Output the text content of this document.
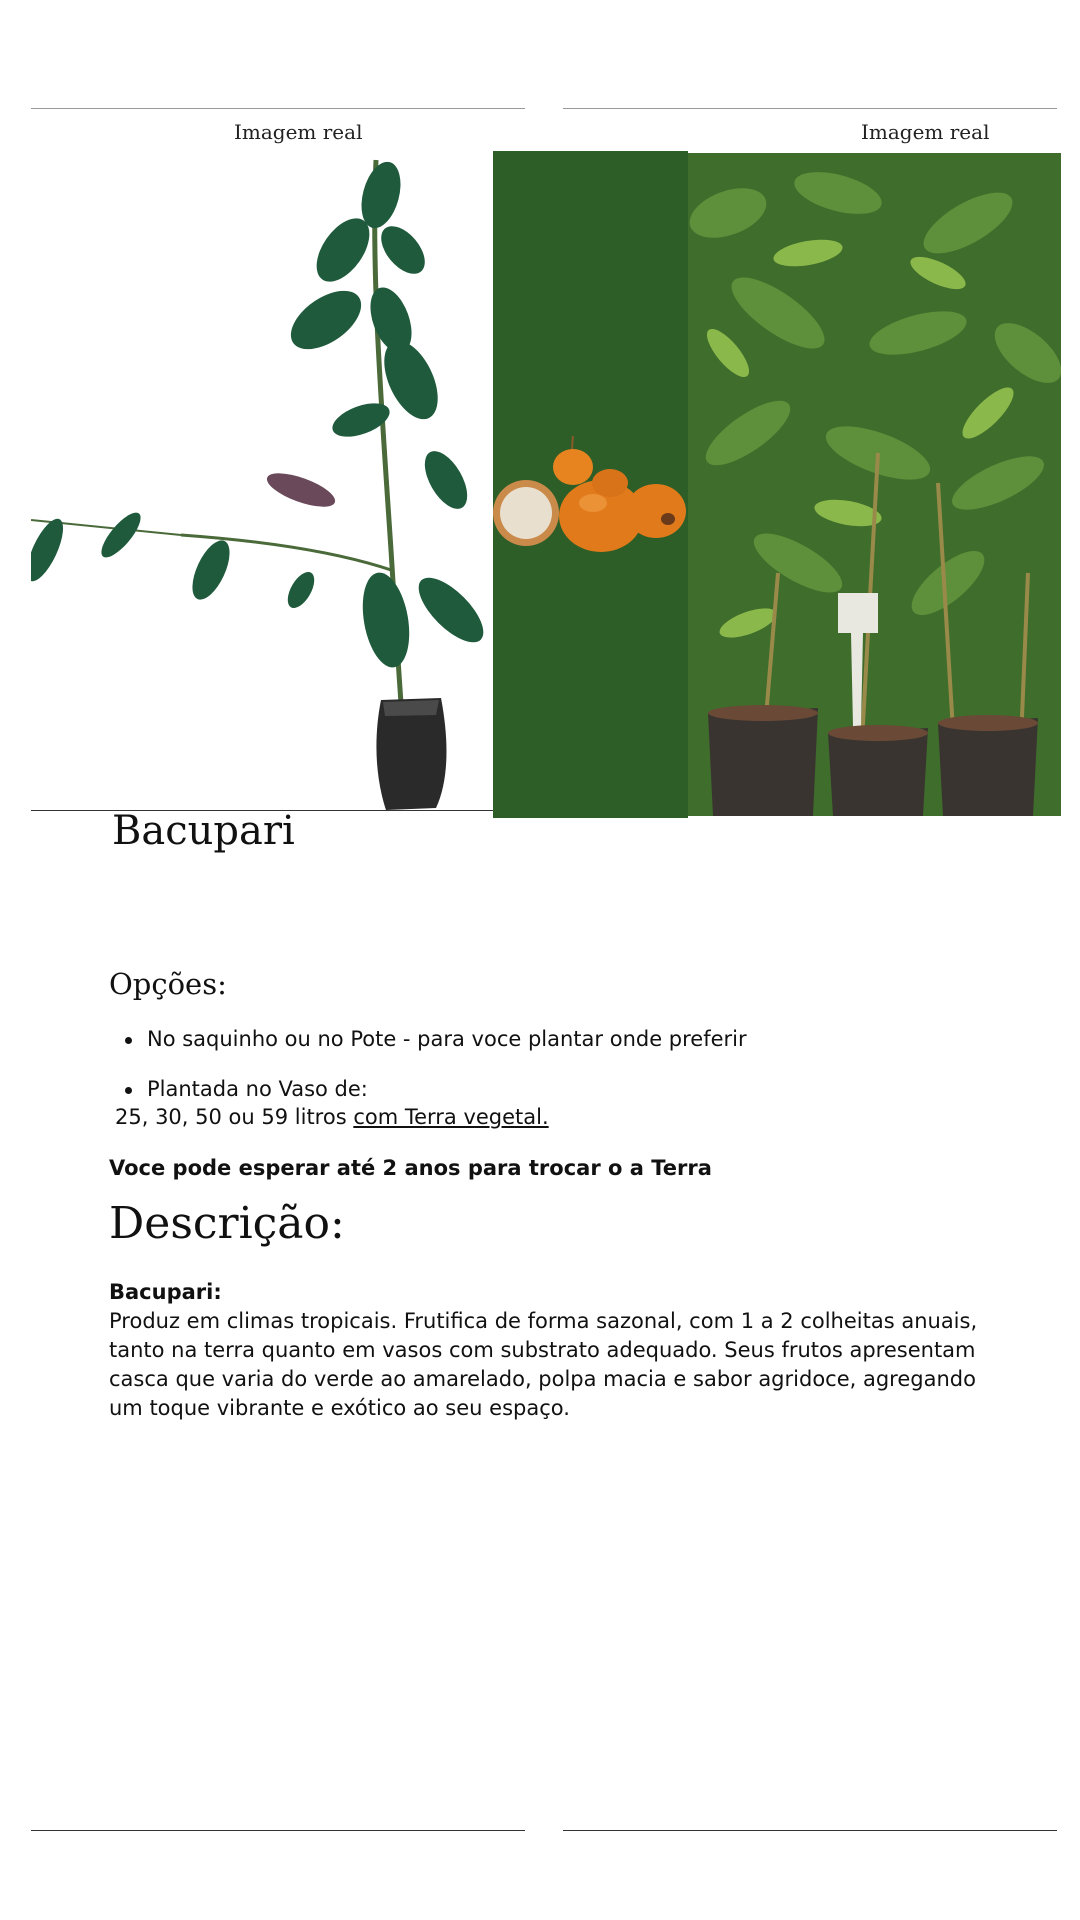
Imagem real	Imagem real
Bacupari
Opções:
No saquinho ou no Pote - para voce plantar onde preferir
Plantada no Vaso de:
25, 30, 50 ou 59 litros com Terra vegetal.
Voce pode esperar até 2 anos para trocar o a Terra
Descrição:
Bacupari:

Produz em climas tropicais. Frutifica de forma sazonal, com 1 a 2 colheitas anuais, tanto na terra quanto em vasos com substrato adequado. Seus frutos apresentam casca que varia do verde ao amarelado, polpa macia e sabor agridoce, agregando um toque vibrante e exótico ao seu espaço.
